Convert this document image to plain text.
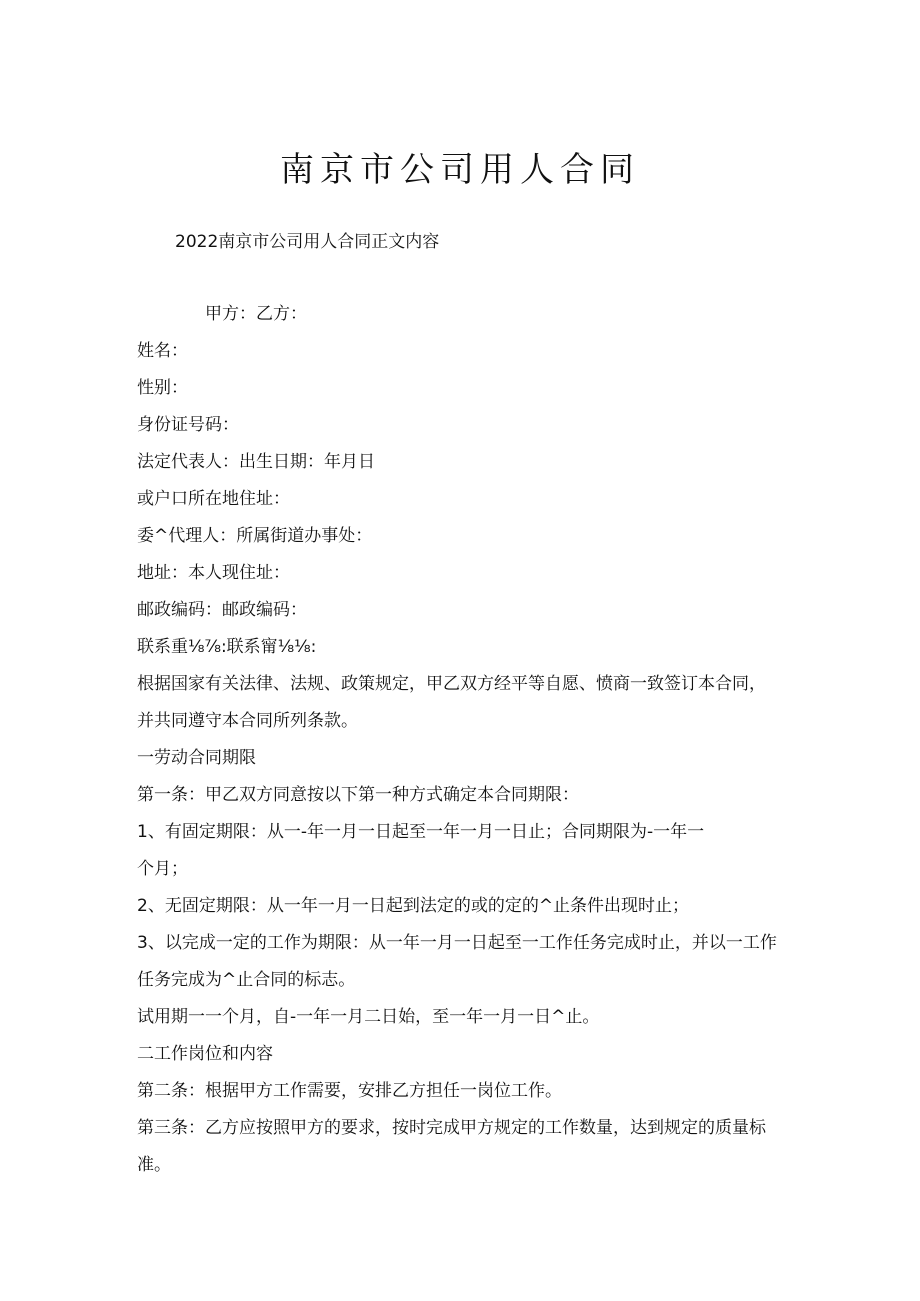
南京市公司用人合同
2022南京市公司用人合同正文内容
甲方：乙方：
姓名：
性别：
身份证号码：
法定代表人：出生日期：年月日
或户口所在地住址：
委^代理人：所属街道办事处：
地址：本人现住址：
邮政编码：邮政编码：
联系重⅛⅞:联系甯⅛⅛:
根据国家有关法律、法规、政策规定，甲乙双方经平等自愿、愤商一致签订本合同，
并共同遵守本合同所列条款。
一劳动合同期限
第一条：甲乙双方同意按以下第一种方式确定本合同期限：
1、有固定期限：从一-年一月一日起至一年一月一日止；合同期限为-一年一
个月；
2、无固定期限：从一年一月一日起到法定的或的定的^止条件出现时止；
3、以完成一定的工作为期限：从一年一月一日起至一工作任务完成时止，并以一工作
任务完成为^止合同的标志。
试用期一一个月，自-一年一月二日始，至一年一月一日^止。
二工作岗位和内容
第二条：根据甲方工作需要，安排乙方担任一岗位工作。
第三条：乙方应按照甲方的要求，按时完成甲方规定的工作数量，达到规定的质量标
准。
